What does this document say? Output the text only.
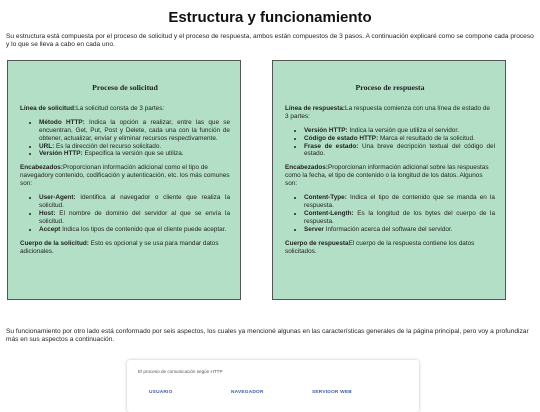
Estructura y funcionamiento
Su estructura está compuesta por el proceso de solicitud y el proceso de respuesta, ambos están compuestos de 3 pasos. A continuación explicaré como se compone cada proceso y lo que se lleva a cabo en cada uno.
Proceso de solicitud

Línea de solicitud:La solicitud consta de 3 partes:

• Método HTTP: Indica la opción a realizar, entre las que se encuentran, Get, Put, Post y Delete, cada una con la función de obtener, actualizar, enviar y eliminar recursos respectivamente.
• URL: Es la dirección del recurso solicitado.
• Versión HTTP: Especifica la versión que se utiliza.

Encabezados:Proporcionan información adicional como el tipo de navegadory contenido, codificación y autenticación, etc. los más comunes son:

• User-Agent: Identifica al navegador o cliente que realiza la solicitud.
• Host: El nombre de dominio del servidor al que se envía la solicitud.
• Accept Indica los tipos de contenido que el cliente puede aceptar.

Cuerpo de la solicitud: Esto es opcional y se usa para mandar datos adicionales.

Proceso de respuesta

Línea de respuesta:La respuesta comienza con una línea de estado de 3 partes:

• Versión HTTP: Indica la versión que utiliza el servidor.
• Código de estado HTTP: Marca el resultado de la solicitud.
• Frase de estado: Una breve decripción textual del código del estado.

Encabezados:Proporcionan información adicional sobre las respuestas como la fecha, el tipo de contenido o la longitud de los datos. Algunos son:

• Content-Type: Indica el tipo de contenido que se manda en la respuesta.
• Content-Length: Es la longitud de los bytes del cuerpo de la respuesta.
• Server Información acerca del software del servidor.

Cuerpo de respuestaEl cuerpo de la respuesta contiene los datos solicitados.

Su funcionamiento por otro lado está conformado por seis aspectos, los cuales ya mencioné algunas en las características generales de la página principal, pero voy a profundizar más en sus aspectos a continuación.
El proceso de comunicación según HTTP
USUARIO	NAVEGADOR	SERVIDOR WEB
